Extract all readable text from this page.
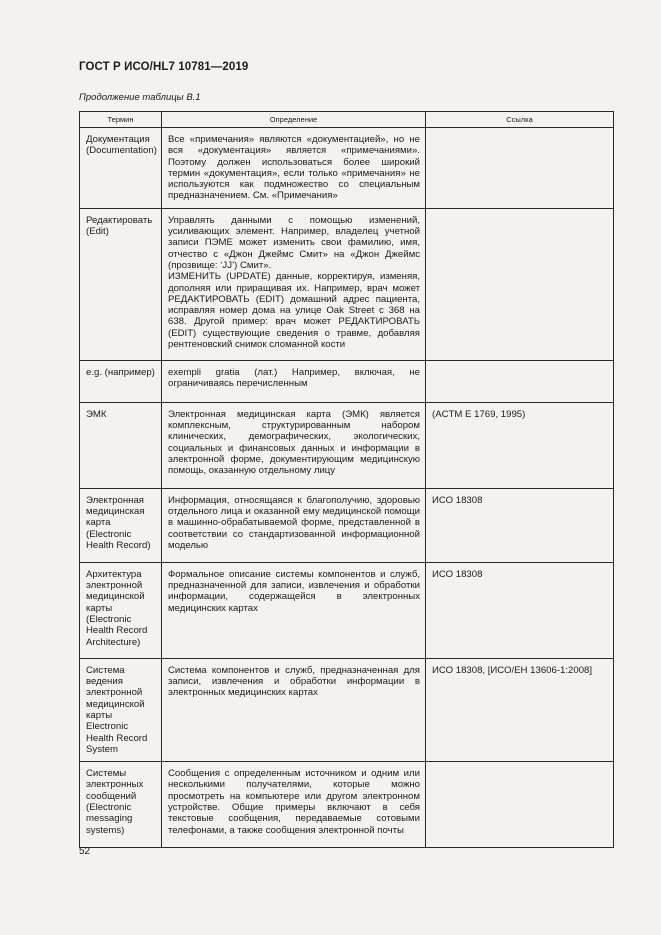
ГОСТ Р ИСО/HL7 10781—2019
Продолжение таблицы В.1
Термин	Определение	Ссылка
Документация (Documentation)	Все «примечания» являются «документацией», но не вся «документация» является «примечаниями». Поэтому должен использоваться более широкий термин «документация», если только «примечания» не используются как подмножество со специальным предназначением. См. «Примечания»	

Редактировать (Edit)	Управлять данными с помощью изменений, усиливающих элемент. Например, владелец учетной записи ПЭМЕ может изменить свои фамилию, имя, отчество с «Джон Джеймс Смит» на «Джон Джеймс (прозвище: ‘JJ’) Смит».
ИЗМЕНИТЬ (UPDATE) данные, корректируя, изменяя, дополняя или приращивая их. Например, врач может РЕДАКТИРОВАТЬ (EDIT) домашний адрес пациента, исправляя номер дома на улице Oak Street с 368 на 638. Другой пример: врач может РЕДАКТИРОВАТЬ (EDIT) существующие сведения о травме, добавляя рентгеновский снимок сломанной кости	

e.g. (например)	exempli gratia (лат.) Например, включая, не ограничиваясь перечисленным	

ЭМК	Электронная медицинская карта (ЭМК) является комплексным, структурированным набором клинических, демографических, экологических, социальных и финансовых данных и информации в электронной форме, документирующим медицинскую помощь, оказанную отдельному лицу	(ACTM E 1769, 1995)
Электронная медицинская карта (Electronic Health Record)	Информация, относящаяся к благополучию, здоровью отдельного лица и оказанной ему медицинской помощи в машинно-обрабатываемой форме, представленной в соответствии со стандартизованной информационной моделью	ИСО 18308
Архитектура электронной медицинской карты (Electronic Health Record Architecture)	Формальное описание системы компонентов и служб, предназначенной для записи, извлечения и обработки информации, содержащейся в электронных медицинских картах	ИСО 18308
Система ведения электронной медицинской карты Electronic Health Record System	Система компонентов и служб, предназначенная для записи, извлечения и обработки информации в электронных медицинских картах	ИСО 18308, [ИСО/ЕН 13606-1:2008]
Системы электронных сообщений (Electronic messaging systems)	Сообщения с определенным источником и одним или несколькими получателями, которые можно просмотреть на компьютере или другом электронном устройстве. Общие примеры включают в себя текстовые сообщения, передаваемые сотовыми телефонами, а также сообщения электронной почты	

52
